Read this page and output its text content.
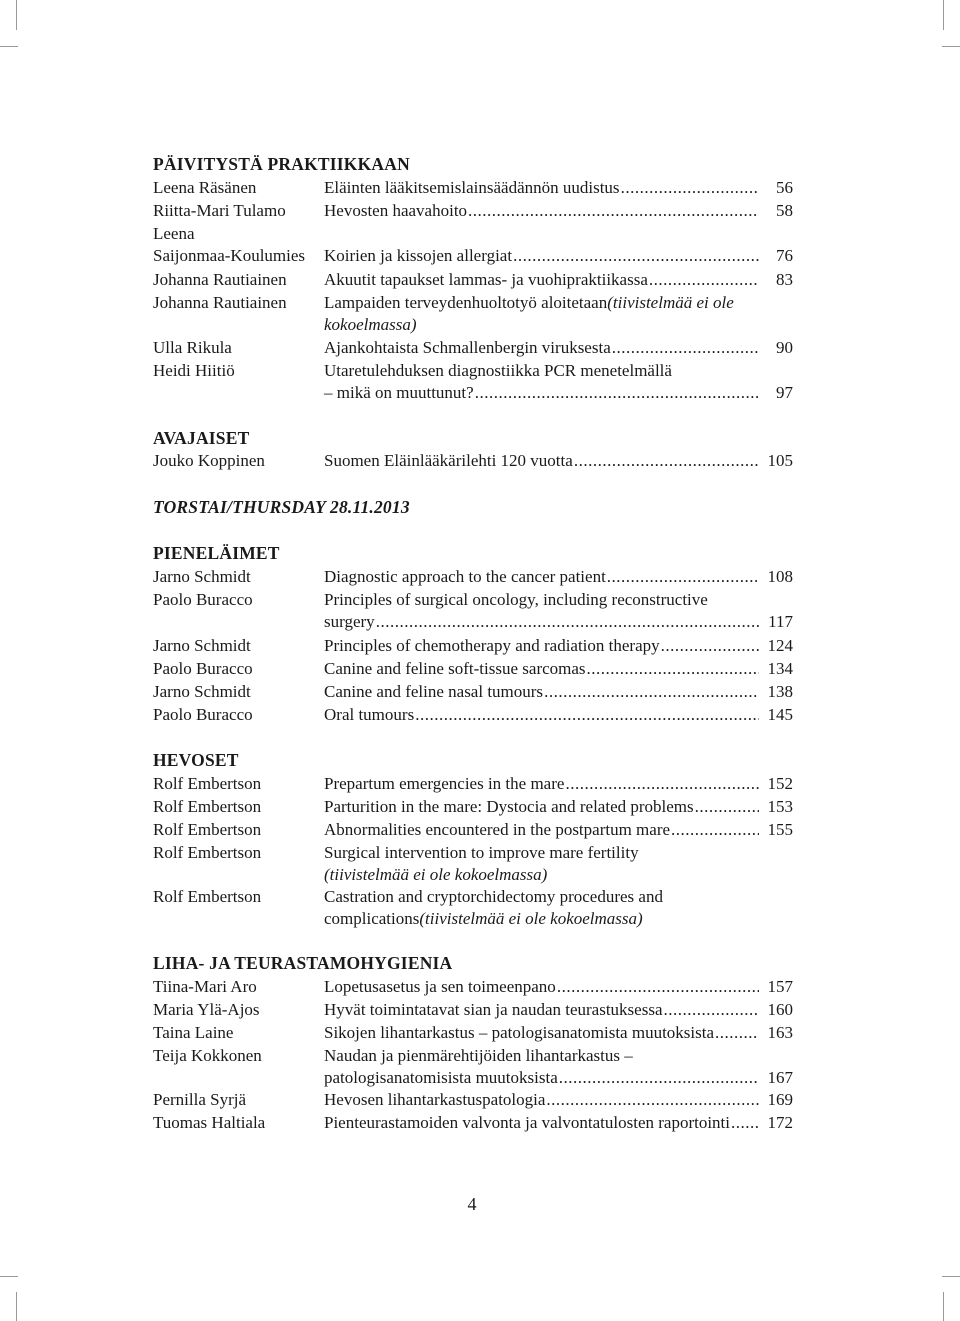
PÄIVITYSTÄ PRAKTIIKKAAN
Leena Räsänen	Eläinten lääkitsemislainsäädännön uudistus .....	56
Riitta-Mari Tulamo	Hevosten haavahoito .....	58
Leena
Saijonmaa-Koulumies	Koirien ja kissojen allergiat .....	76
Johanna Rautiainen	Akuutit tapaukset lammas- ja vuohipraktiikassa .....	83
Johanna Rautiainen	Lampaiden terveydenhuoltotyö aloitetaan (tiivistelmää ei ole
kokoelmassa)
Ulla Rikula	Ajankohtaista Schmallenbergin viruksesta .....	90
Heidi Hiitiö	Utaretulehduksen diagnostiikka PCR menetelmällä
– mikä on muuttunut? .....	97
AVAJAISET
Jouko Koppinen	Suomen Eläinlääkärilehti 120 vuotta .....	105
TORSTAI/THURSDAY 28.11.2013
PIENELÄIMET
Jarno Schmidt	Diagnostic approach to the cancer patient .....	108
Paolo Buracco	Principles of surgical oncology, including reconstructive
surgery .....	117
Jarno Schmidt	Principles of chemotherapy and radiation therapy .....	124
Paolo Buracco	Canine and feline soft-tissue sarcomas .....	134
Jarno Schmidt	Canine and feline nasal tumours .....	138
Paolo Buracco	Oral tumours .....	145
HEVOSET
Rolf Embertson	Prepartum emergencies in the mare .....	152
Rolf Embertson	Parturition in the mare: Dystocia and related problems .....	153
Rolf Embertson	Abnormalities encountered in the postpartum mare .....	155
Rolf Embertson	Surgical intervention to improve mare fertility
(tiivistelmää ei ole kokoelmassa)
Rolf Embertson	Castration and cryptorchidectomy procedures and
complications (tiivistelmää ei ole kokoelmassa)
LIHA- JA TEURASTAMOHYGIENIA
Tiina-Mari Aro	Lopetusasetus ja sen toimeenpano .....	157
Maria Ylä-Ajos	Hyvät toimintatavat sian ja naudan teurastuksessa .....	160
Taina Laine	Sikojen lihantarkastus – patologisanatomista muutoksista .....	163
Teija Kokkonen	Naudan ja pienmärehtijöiden lihantarkastus –
patologisanatomisista muutoksista .....	167
Pernilla Syrjä	Hevosen lihantarkastuspatologia .....	169
Tuomas Haltiala	Pienteurastamoiden valvonta ja valvontatulosten raportointi .....	172
4
